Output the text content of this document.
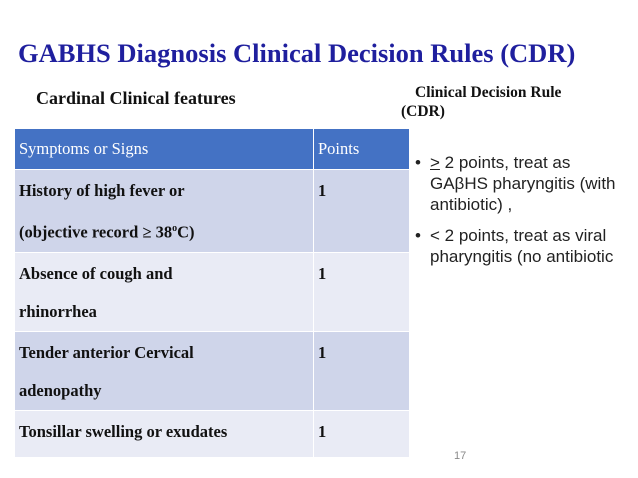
GABHS Diagnosis Clinical Decision Rules (CDR)
Cardinal Clinical features	Clinical Decision Rule
(CDR)
Symptoms or Signs	Points
History of high fever or
(objective record ≥ $38^oC$)	1
Absence of cough and
rhinorrhea	1
Tender anterior Cervical
adenopathy	1
Tonsillar swelling or exudates	1
• > 2 points, treat as GAβHS pharyngitis (with antibiotic) ,
• < 2 points, treat as viral pharyngitis (no antibiotic
17
